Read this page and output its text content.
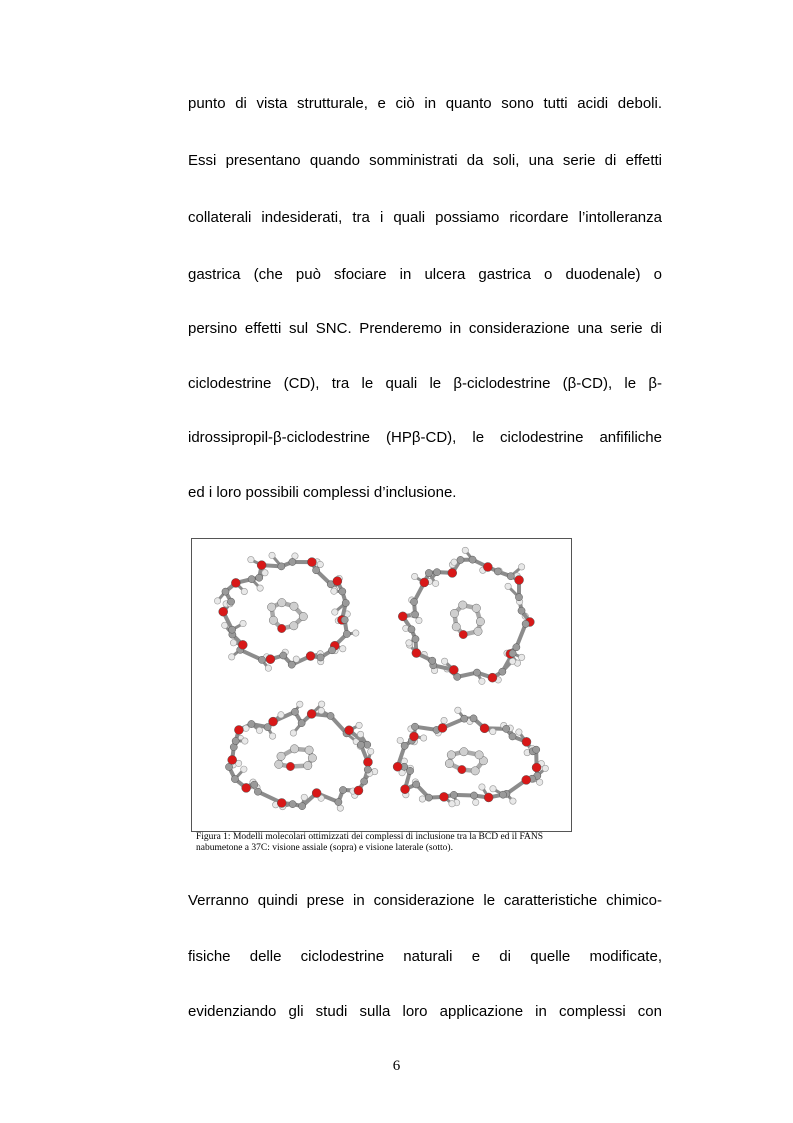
punto di vista strutturale, e ciò in quanto sono tutti acidi deboli.
Essi presentano quando somministrati da soli, una serie di effetti
collaterali indesiderati, tra i quali possiamo ricordare l’intolleranza
gastrica (che può sfociare in ulcera gastrica o duodenale) o
persino effetti sul SNC. Prenderemo in considerazione una serie di
ciclodestrine (CD), tra le quali le β-ciclodestrine (β-CD), le β-
idrossipropil-β-ciclodestrine (HPβ-CD), le ciclodestrine anfifiliche
ed i loro possibili complessi d’inclusione.
Figura 1: Modelli molecolari ottimizzati dei complessi di inclusione tra la BCD ed il FANS
nabumetone a 37C: visione assiale (sopra) e visione laterale (sotto).
Verranno quindi prese in considerazione le caratteristiche chimico-
fisiche delle ciclodestrine naturali e di quelle modificate,
evidenziando gli studi sulla loro applicazione in complessi con
6
